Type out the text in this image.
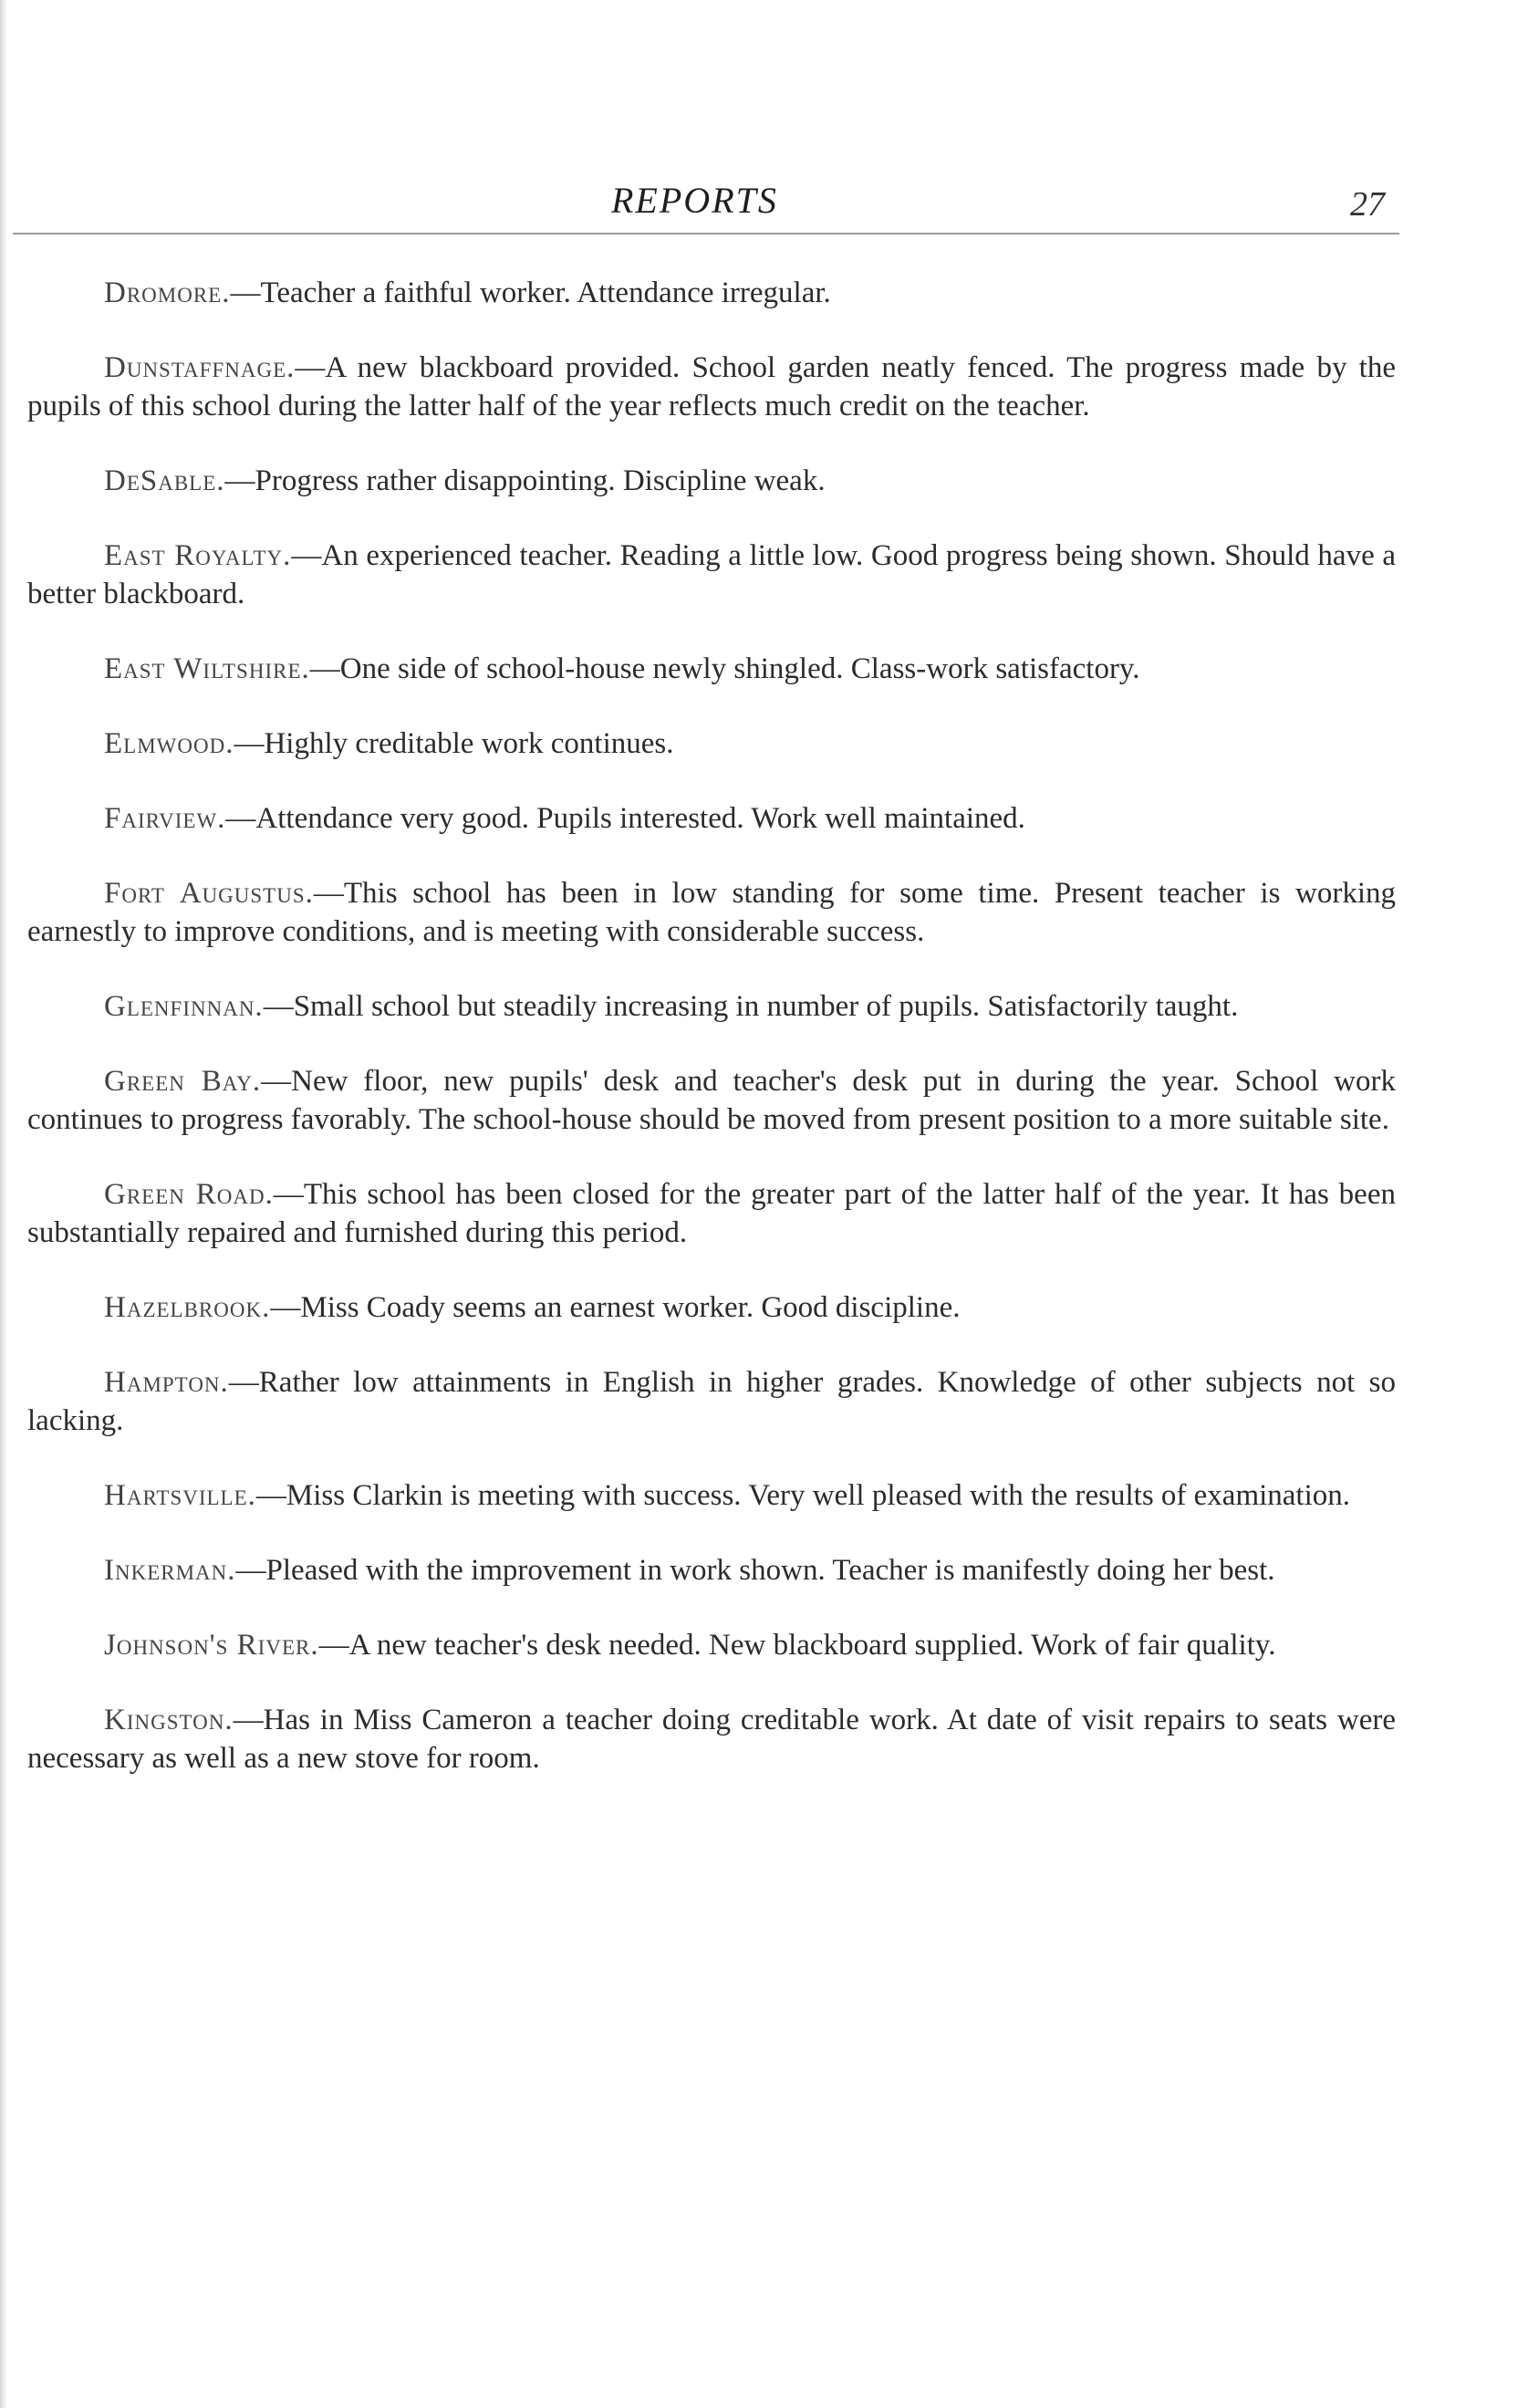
REPORTS	27

Dromore.—Teacher a faithful worker. Attendance irregular.

Dunstaffnage.—A new blackboard provided. School garden neatly fenced. The progress made by the pupils of this school during the latter half of the year reflects much credit on the teacher.

DeSable.—Progress rather disappointing. Discipline weak.

East Royalty.—An experienced teacher. Reading a little low. Good progress being shown. Should have a better blackboard.

East Wiltshire.—One side of school-house newly shingled. Class-work satisfactory.

Elmwood.—Highly creditable work continues.

Fairview.—Attendance very good. Pupils interested. Work well maintained.

Fort Augustus.—This school has been in low standing for some time. Present teacher is working earnestly to improve conditions, and is meeting with considerable success.

Glenfinnan.—Small school but steadily increasing in number of pupils. Satisfactorily taught.

Green Bay.—New floor, new pupils' desk and teacher's desk put in during the year. School work continues to progress favorably. The school-house should be moved from present position to a more suitable site.

Green Road.—This school has been closed for the greater part of the latter half of the year. It has been substantially repaired and furnished during this period.

Hazelbrook.—Miss Coady seems an earnest worker. Good discipline.

Hampton.—Rather low attainments in English in higher grades. Knowledge of other subjects not so lacking.

Hartsville.—Miss Clarkin is meeting with success. Very well pleased with the results of examination.

Inkerman.—Pleased with the improvement in work shown. Teacher is manifestly doing her best.

Johnson's River.—A new teacher's desk needed. New blackboard supplied. Work of fair quality.

Kingston.—Has in Miss Cameron a teacher doing creditable work. At date of visit repairs to seats were necessary as well as a new stove for room.
